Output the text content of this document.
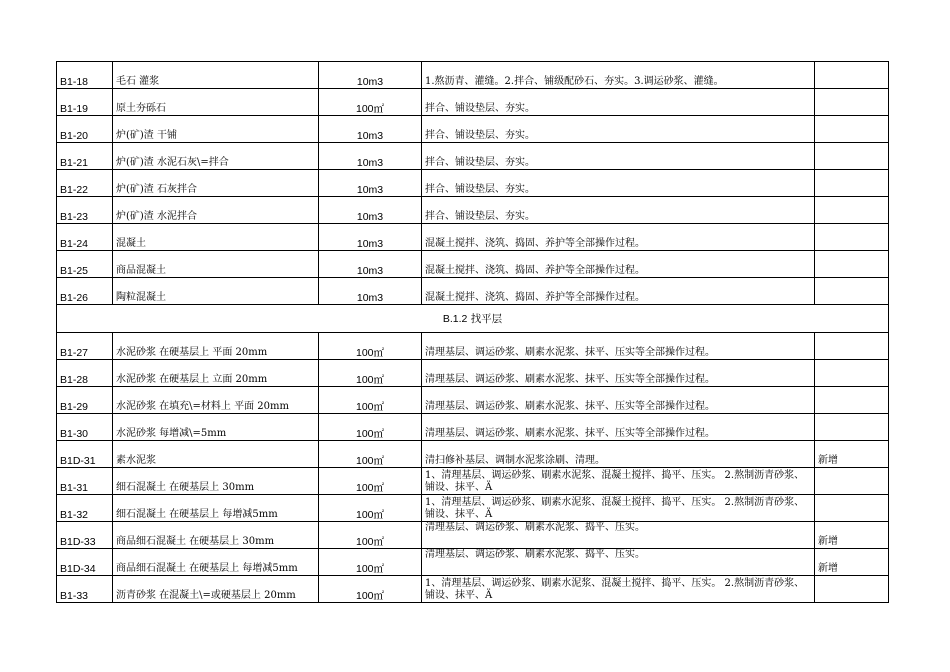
B1-18	毛石 灌浆	10m3	1.熬沥青、灌缝。2.拌合、铺级配砂石、夯实。3.调运砂浆、灌缝。	
B1-19	原土夯砾石	100㎡	拌合、铺设垫层、夯实。	
B1-20	炉(矿)渣 干铺	10m3	拌合、铺设垫层、夯实。	
B1-21	炉(矿)渣 水泥石灰\=拌合	10m3	拌合、铺设垫层、夯实。	
B1-22	炉(矿)渣 石灰拌合	10m3	拌合、铺设垫层、夯实。	
B1-23	炉(矿)渣 水泥拌合	10m3	拌合、铺设垫层、夯实。	
B1-24	混凝土	10m3	混凝土搅拌、浇筑、捣固、养护等全部操作过程。	
B1-25	商品混凝土	10m3	混凝土搅拌、浇筑、捣固、养护等全部操作过程。	
B1-26	陶粒混凝土	10m3	混凝土搅拌、浇筑、捣固、养护等全部操作过程。	
B.1.2 找平层				
B1-27	水泥砂浆 在硬基层上 平面 20mm	100㎡	清理基层、调运砂浆、刷素水泥浆、抹平、压实等全部操作过程。	
B1-28	水泥砂浆 在硬基层上 立面 20mm	100㎡	清理基层、调运砂浆、刷素水泥浆、抹平、压实等全部操作过程。	
B1-29	水泥砂浆 在填充\=材料上 平面 20mm	100㎡	清理基层、调运砂浆、刷素水泥浆、抹平、压实等全部操作过程。	
B1-30	水泥砂浆 每增减\=5mm	100㎡	清理基层、调运砂浆、刷素水泥浆、抹平、压实等全部操作过程。	
B1D-31	素水泥浆	100㎡	清扫修补基层、调制水泥浆涂刷、清理。	新增
B1-31	细石混凝土 在硬基层上 30mm	100㎡	1、清理基层、调运砂浆、刷素水泥浆、混凝土搅拌、捣平、压实。 2.熬制沥青砂浆、铺设、抹平、Ä	
B1-32	细石混凝土 在硬基层上 每增减5mm	100㎡	1、清理基层、调运砂浆、刷素水泥浆、混凝土搅拌、捣平、压实。 2.熬制沥青砂浆、铺设、抹平、Ä	
B1D-33	商品细石混凝土 在硬基层上 30mm	100㎡	清理基层、调运砂浆、刷素水泥浆、捣平、压实。	新增
B1D-34	商品细石混凝土 在硬基层上 每增减5mm	100㎡	清理基层、调运砂浆、刷素水泥浆、捣平、压实。	新增
B1-33	沥青砂浆 在混凝土\=或硬基层上 20mm	100㎡	1、清理基层、调运砂浆、刷素水泥浆、混凝土搅拌、捣平、压实。 2.熬制沥青砂浆、铺设、抹平、Ä	
